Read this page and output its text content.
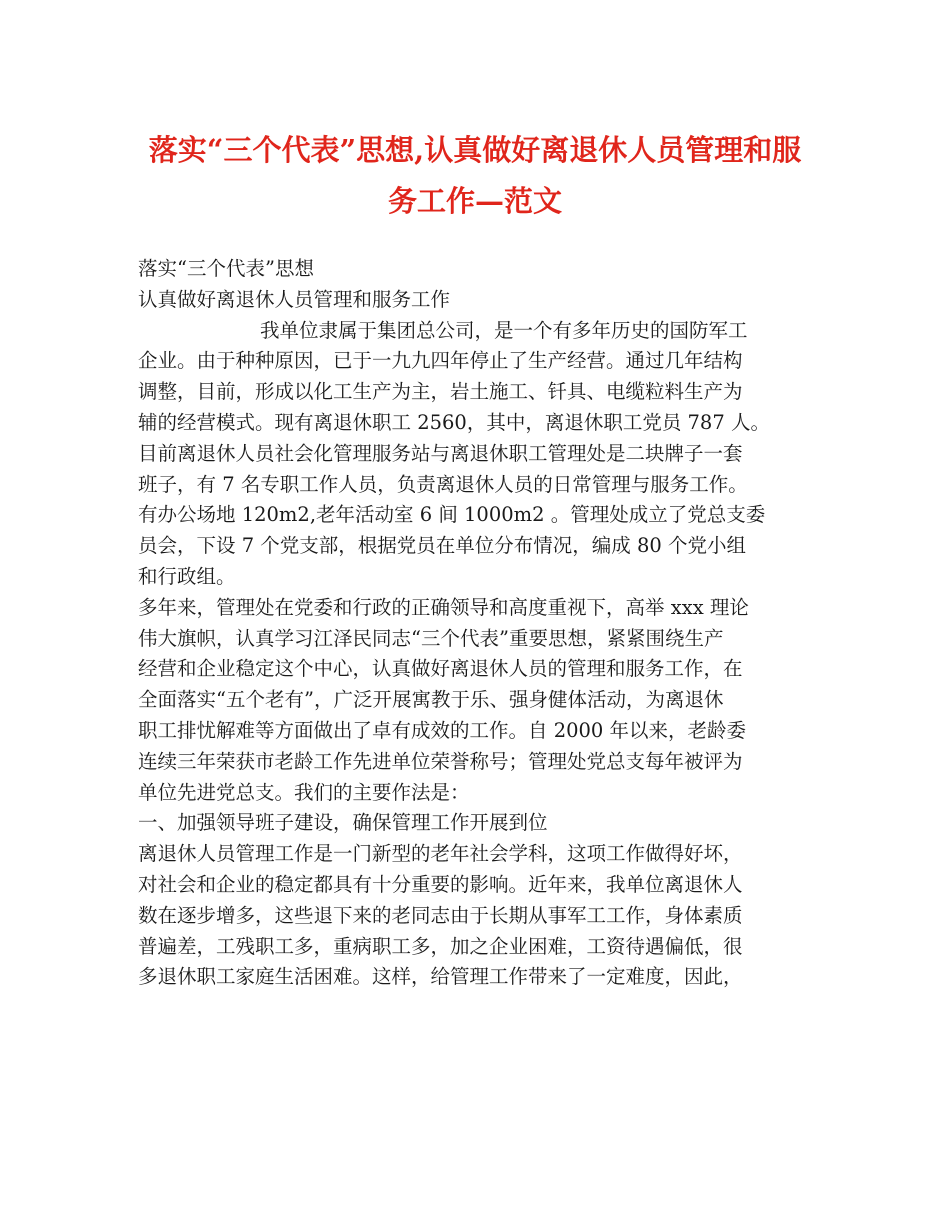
落实“三个代表”思想,认真做好离退休人员管理和服
务工作—范文
落实“三个代表”思想
认真做好离退休人员管理和服务工作
我单位隶属于集团总公司，是一个有多年历史的国防军工
企业。由于种种原因，已于一九九四年停止了生产经营。通过几年结构
调整，目前，形成以化工生产为主，岩土施工、钎具、电缆粒料生产为
辅的经营模式。现有离退休职工 2560，其中，离退休职工党员 787 人。
目前离退休人员社会化管理服务站与离退休职工管理处是二块牌子一套
班子，有 7 名专职工作人员，负责离退休人员的日常管理与服务工作。
有办公场地 120m2,老年活动室 6 间 1000m2 。管理处成立了党总支委
员会，下设 7 个党支部，根据党员在单位分布情况，编成 80 个党小组
和行政组。
多年来，管理处在党委和行政的正确领导和高度重视下，高举 xxx 理论
伟大旗帜，认真学习江泽民同志“三个代表”重要思想，紧紧围绕生产
经营和企业稳定这个中心，认真做好离退休人员的管理和服务工作，在
全面落实“五个老有”，广泛开展寓教于乐、强身健体活动，为离退休
职工排忧解难等方面做出了卓有成效的工作。自 2000 年以来，老龄委
连续三年荣获市老龄工作先进单位荣誉称号；管理处党总支每年被评为
单位先进党总支。我们的主要作法是：
一、加强领导班子建设，确保管理工作开展到位
离退休人员管理工作是一门新型的老年社会学科，这项工作做得好坏，
对社会和企业的稳定都具有十分重要的影响。近年来，我单位离退休人
数在逐步增多，这些退下来的老同志由于长期从事军工工作，身体素质
普遍差，工残职工多，重病职工多，加之企业困难，工资待遇偏低，很
多退休职工家庭生活困难。这样，给管理工作带来了一定难度，因此，
